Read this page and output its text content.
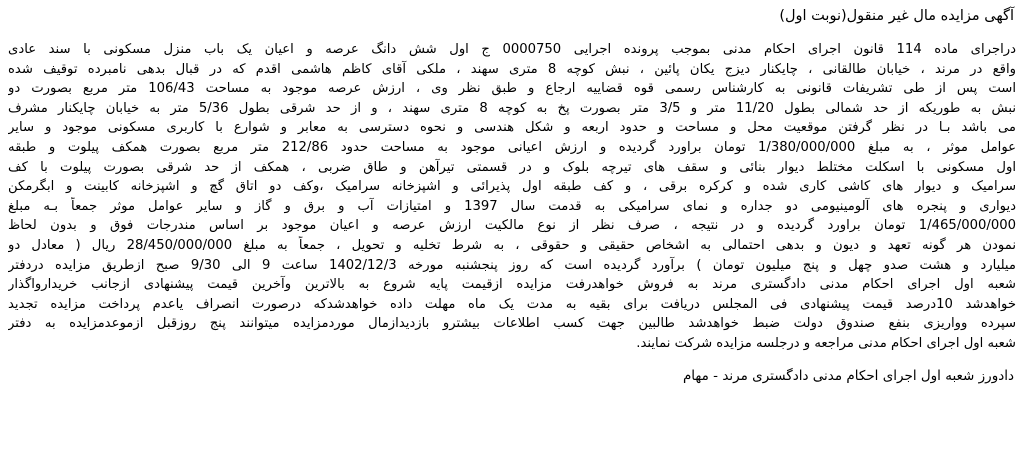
آگهی مزایده مال غیر منقول(نوبت اول)
دراجرای ماده 114 قانون اجرای احکام مدنی بموجب پرونده اجرایی 0000750 ج اول شش دانگ عرصه و اعیان یک باب منزل مسکونی با سند عادی
واقع در مرند ، خیابان طالقانی ، چایکنار دیزج یکان پائین ، نبش کوچه 8 متری سهند ، ملکی آقای کاظم هاشمی اقدم که در قبال بدهی نامبرده توقیف شده
است پس از طی تشریفات قانونی به کارشناس رسمی قوه قضاییه ارجاع و طبق نظر وی ، ارزش عرصه موجود به مساحت 106/43 متر مربع بصورت دو
نبش به طوریکه از حد شمالی بطول 11/20 متر و 3/5 متر بصورت پخ به کوچه 8 متری سهند ، و از حد شرقی بطول 5/36 متر به خیابان چایکنار مشرف
می باشد بـا در نظر گرفتن موقعیت محل و مساحت و حدود اربعه و شکل هندسی و نحوه دسترسی به معابر و شوارع با کاربری مسکونی موجود و سایر
عوامل موثر ، به مبلغ 1/380/000/000 تومان براورد گردیده و ارزش اعیانی موجود به مساحت حدود 212/86 متر مربع بصورت همکف پیلوت و طبقه
اول مسکونی با اسکلت مختلط دیوار بنائی و سقف های تیرچه بلوک و در قسمتی تیرآهن و طاق ضربی ، همکف از حد شرقی بصورت پیلوت با کف
سرامیک و دیوار های کاشی کاری شده و کرکره برقی ، و کف طبقه اول پذیرائی و اشپزخانه سرامیک ،وکف دو اتاق گچ و اشپزخانه کابینت و ابگرمکن
دیواری و پنجره های آلومینیومی دو جداره و نمای سرامیکی به قدمت سال 1397 و امتیازات آب و برق و گاز و سایر عوامل موثر جمعاً بـه مبلغ
1/465/000/000 تومان براورد گردیده و در نتیجه ، صرف نظر از نوع مالکیت ارزش عرصه و اعیان موجود بر اساس مندرجات فوق و بدون لحاظ
نمودن هر گونه تعهد و دیون و بدهی احتمالی به اشخاص حقیقی و حقوقی ، به شرط تخلیه و تحویل ، جمعاً به مبلغ 28/450/000/000 ریال ( معادل دو
میلیارد و هشت صدو چهل و پنج میلیون تومان ) برآورد گردیده است که روز پنجشنبه مورخه 1402/12/3 ساعت 9 الی 9/30 صبح ازطریق مزایده دردفتر
شعبه اول اجرای احکام مدنی دادگستری مرند به فروش خواهدرفت مزایده ازقیمت پایه شروع به بالاترین وآخرین قیمت پیشنهادی ازجانب خریدارواگذار
خواهدشد 10درصد قیمت پیشنهادی فی المجلس دریافت برای بقیه به مدت یک ماه مهلت داده خواهدشدکه درصورت انصراف یاعدم پرداخت مزایده تجدید
سپرده وواریزی بنفع صندوق دولت ضبط خواهدشد طالبین جهت کسب اطلاعات بیشترو بازدیدازمال موردمزایده میتوانند پنج روزقبل ازموعدمزایده به دفتر
شعبه اول اجرای احکام مدنی مراجعه و درجلسه مزایده شرکت نمایند.
دادورز شعبه اول اجرای احکام مدنی دادگستری مرند - مهام
